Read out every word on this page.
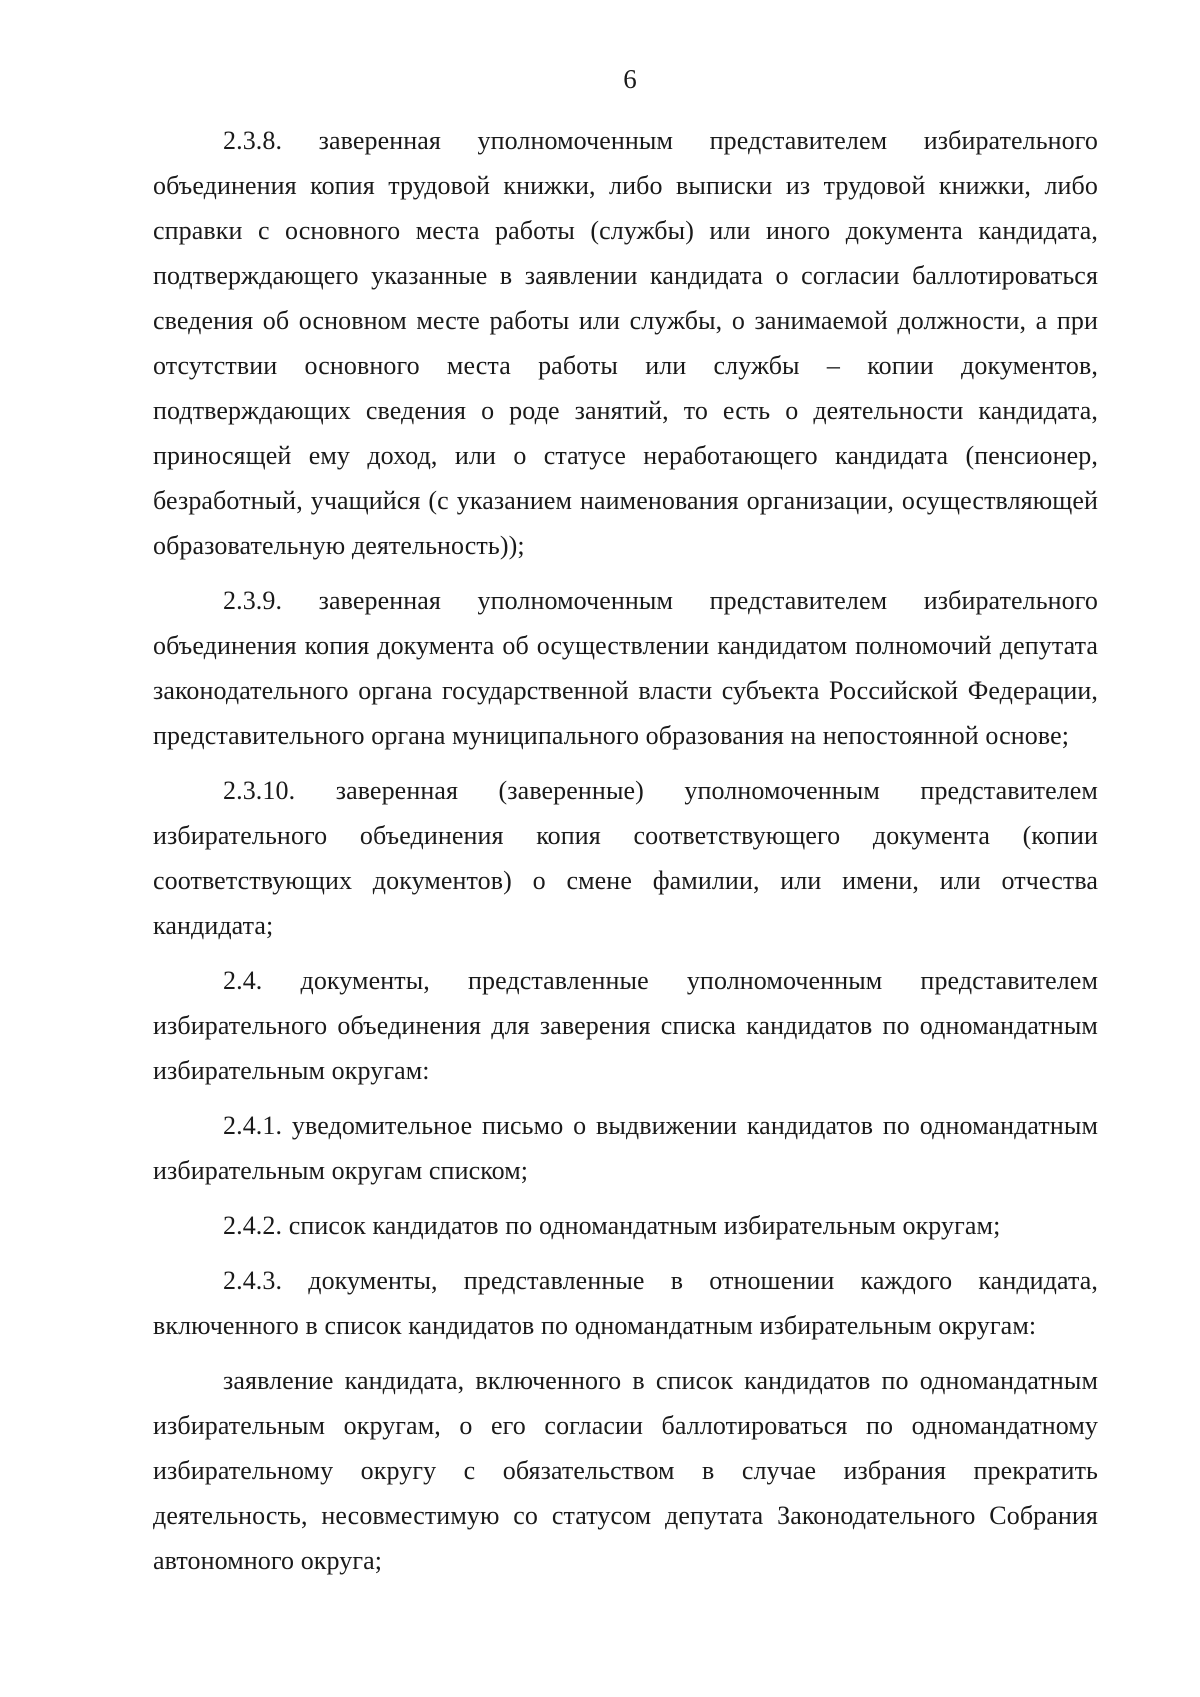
6

2.3.8. заверенная уполномоченным представителем избирательного объединения копия трудовой книжки, либо выписки из трудовой книжки, либо справки с основного места работы (службы) или иного документа кандидата, подтверждающего указанные в заявлении кандидата о согласии баллотироваться сведения об основном месте работы или службы, о занимаемой должности, а при отсутствии основного места работы или службы – копии документов, подтверждающих сведения о роде занятий, то есть о деятельности кандидата, приносящей ему доход, или о статусе неработающего кандидата (пенсионер, безработный, учащийся (с указанием наименования организации, осуществляющей образовательную деятельность));

2.3.9. заверенная уполномоченным представителем избирательного объединения копия документа об осуществлении кандидатом полномочий депутата законодательного органа государственной власти субъекта Российской Федерации, представительного органа муниципального образования на непостоянной основе;

2.3.10. заверенная (заверенные) уполномоченным представителем избирательного объединения копия соответствующего документа (копии соответствующих документов) о смене фамилии, или имени, или отчества кандидата;

2.4. документы, представленные уполномоченным представителем избирательного объединения для заверения списка кандидатов по одномандатным избирательным округам:

2.4.1. уведомительное письмо о выдвижении кандидатов по одномандатным избирательным округам списком;

2.4.2. список кандидатов по одномандатным избирательным округам;

2.4.3. документы, представленные в отношении каждого кандидата, включенного в список кандидатов по одномандатным избирательным округам:

заявление кандидата, включенного в список кандидатов по одномандатным избирательным округам, о его согласии баллотироваться по одномандатному избирательному округу с обязательством в случае избрания прекратить деятельность, несовместимую со статусом депутата Законодательного Собрания автономного округа;
